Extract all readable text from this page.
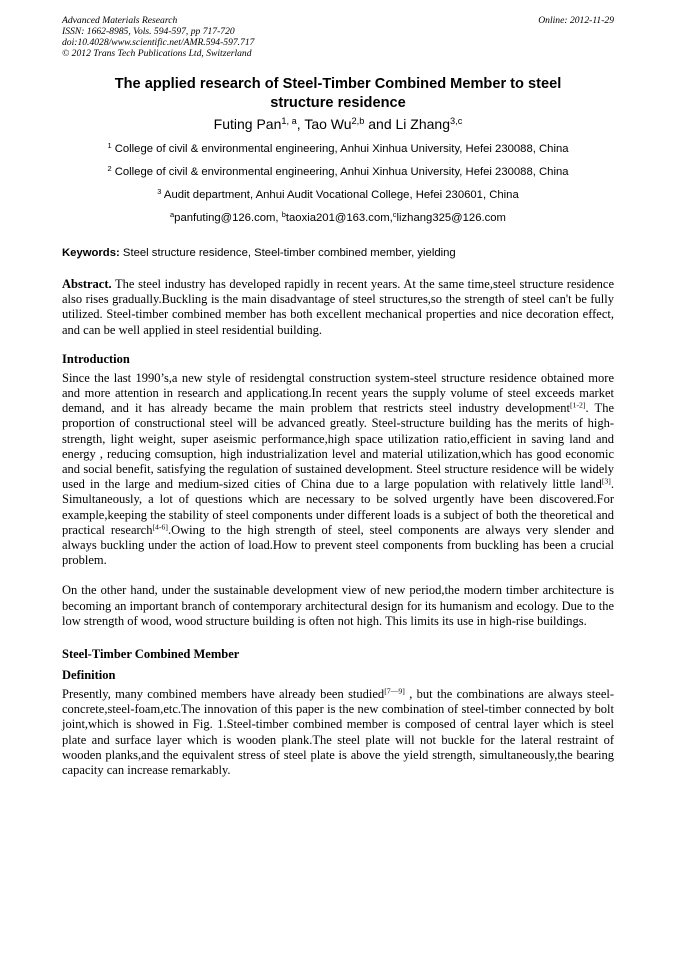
Advanced Materials Research
ISSN: 1662-8985, Vols. 594-597, pp 717-720
doi:10.4028/www.scientific.net/AMR.594-597.717
© 2012 Trans Tech Publications Ltd, Switzerland
Online: 2012-11-29
The applied research of Steel-Timber Combined Member to steel structure residence
Futing Pan$^{1, a}$, Tao Wu$^{2,b}$ and Li Zhang$^{3,c}$
$^1$ College of civil & environmental engineering, Anhui Xinhua University, Hefei 230088, China
$^2$ College of civil & environmental engineering, Anhui Xinhua University, Hefei 230088, China
$^3$ Audit department, Anhui Audit Vocational College, Hefei 230601, China
$^a$panfuting@126.com, $^b$taoxia201@163.com,$^c$lizhang325@126.com
Keywords: Steel structure residence, Steel-timber combined member, yielding
Abstract. The steel industry has developed rapidly in recent years. At the same time,steel structure residence also rises gradually.Buckling is the main disadvantage of steel structures,so the strength of steel can't be fully utilized. Steel-timber combined member has both excellent mechanical properties and nice decoration effect, and can be well applied in steel residential building.
Introduction
Since the last 1990’s,a new style of residengtal construction system-steel structure residence obtained more and more attention in research and applicationg.In recent years the supply volume of steel exceeds market demand, and it has already became the main problem that restricts steel industry development[1-2]. The proportion of constructional steel will be advanced greatly. Steel-structure building has the merits of high-strength, light weight, super aseismic performance,high space utilization ratio,efficient in saving land and energy , reducing comsuption, high industrialization level and material utilization,which has good economic and social benefit, satisfying the regulation of sustained development. Steel structure residence will be widely used in the large and medium-sized cities of China due to a large population with relatively little land[3]. Simultaneously, a lot of questions which are necessary to be solved urgently have been discovered.For example,keeping the stability of steel components under different loads is a subject of both the theoretical and practical research[4-6].Owing to the high strength of steel, steel components are always very slender and always buckling under the action of load.How to prevent steel components from buckling has been a crucial problem.
On the other hand, under the sustainable development view of new period,the modern timber architecture is becoming an important branch of contemporary architectural design for its humanism and ecology. Due to the low strength of wood, wood structure building is often not high. This limits its use in high-rise buildings.
Steel-Timber Combined Member
Definition
Presently, many combined members have already been studied[7—9] , but the combinations are always steel-concrete,steel-foam,etc.The innovation of this paper is the new combination of steel-timber connected by bolt joint,which is showed in Fig. 1.Steel-timber combined member is composed of central layer which is steel plate and surface layer which is wooden plank.The steel plate will not buckle for the lateral restraint of wooden planks,and the equivalent stress of steel plate is above the yield strength, simultaneously,the bearing capacity can increase remarkably.
